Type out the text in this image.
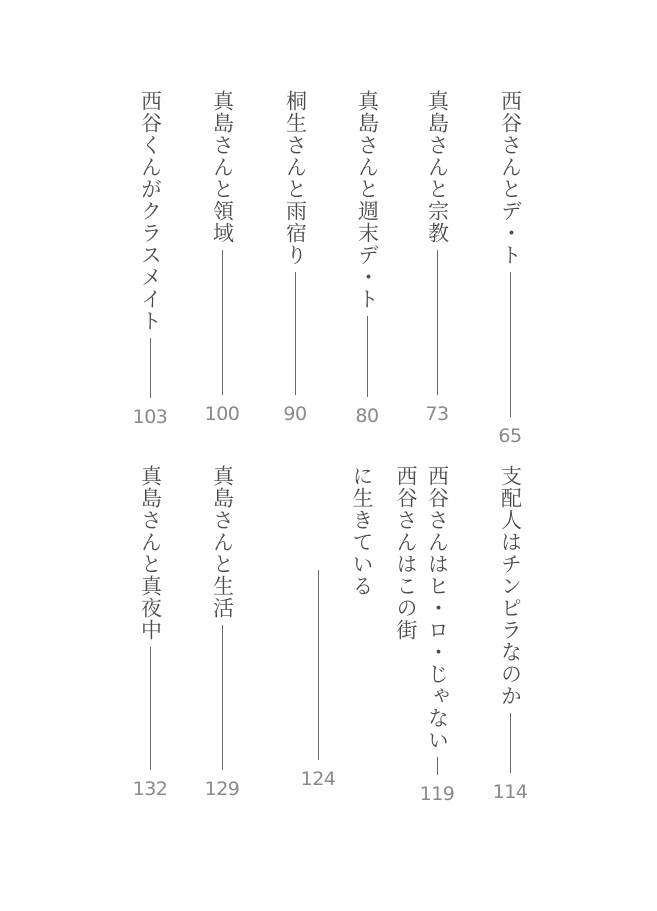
西谷さんとデ・ト
65
真島さんと宗教
73
真島さんと週末デ・ト
80
桐生さんと雨宿り
90
真島さんと領域
100
西谷くんがクラスメイト
103
支配人はチンピラなのか
114
西谷さんはヒ・ロ・じゃない
119
西谷さんはこの街に生きている
124
真島さんと生活
129
真島さんと真夜中
132
